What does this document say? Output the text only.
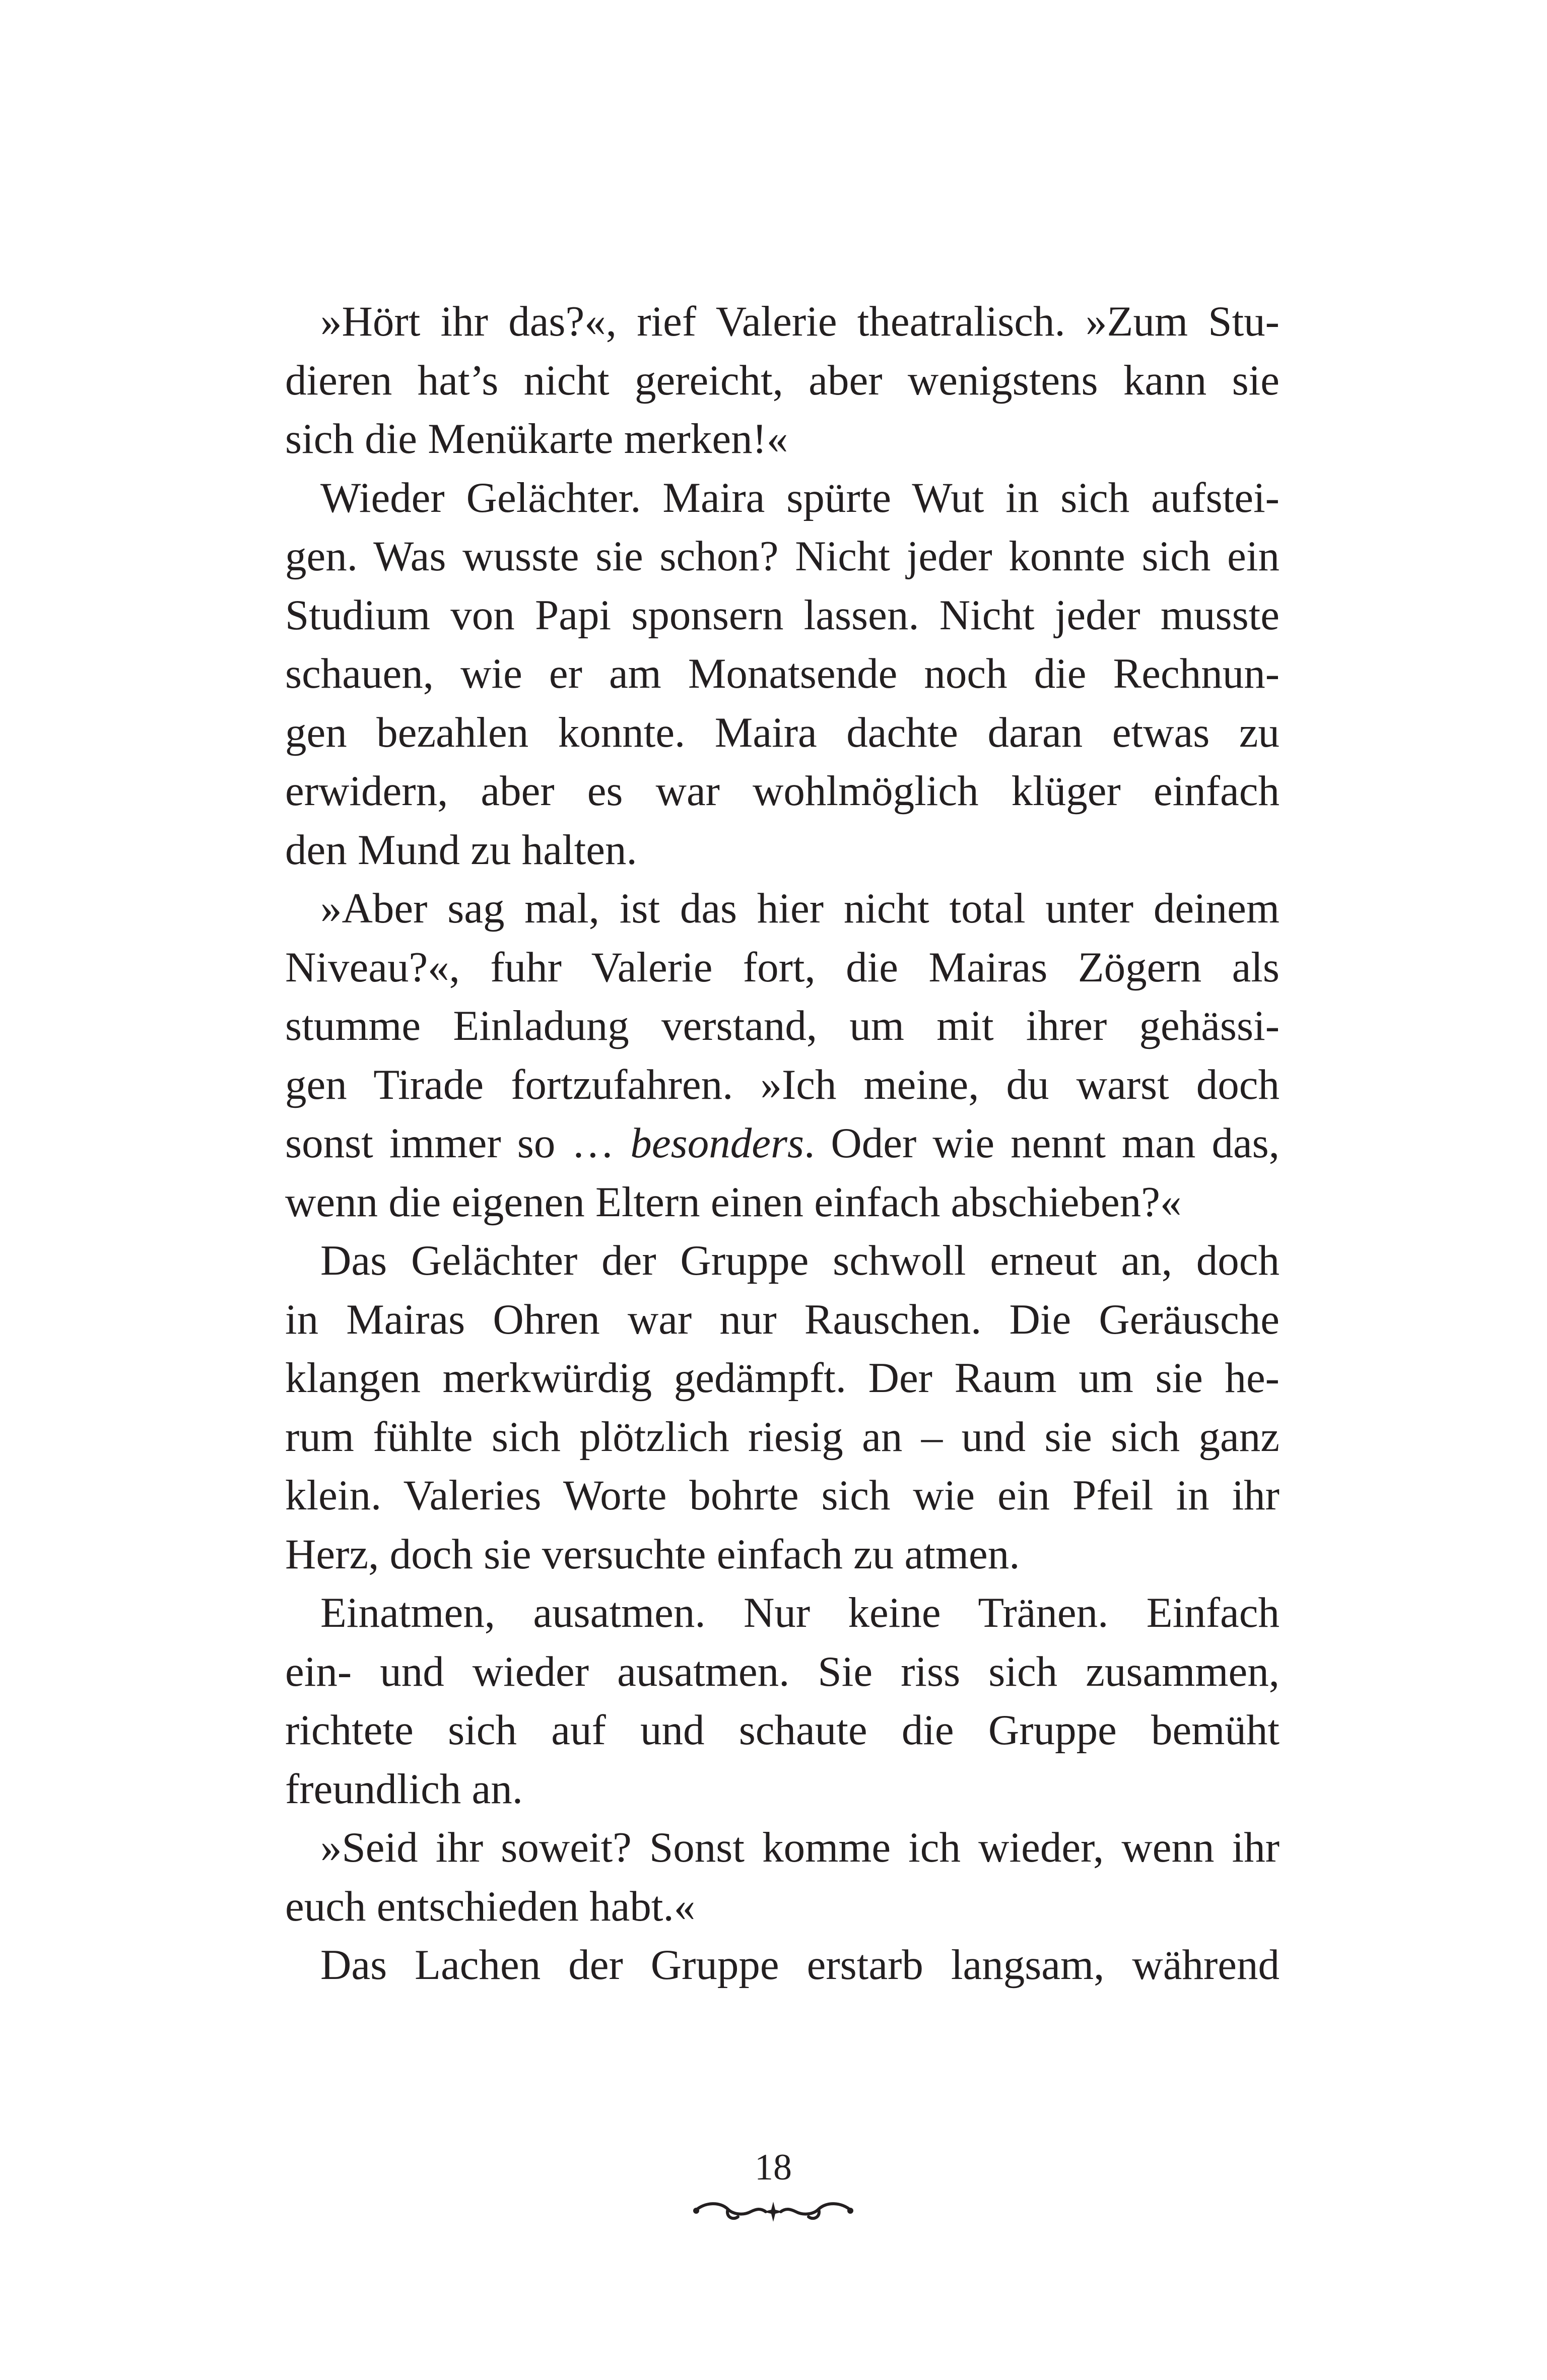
»Hört ihr das?«, rief Valerie theatralisch. »Zum Stu-
dieren hat’s nicht gereicht, aber wenigstens kann sie
sich die Menükarte merken!«
Wieder Gelächter. Maira spürte Wut in sich aufstei-
gen. Was wusste sie schon? Nicht jeder konnte sich ein
Studium von Papi sponsern lassen. Nicht jeder musste
schauen, wie er am Monatsende noch die Rechnun-
gen bezahlen konnte. Maira dachte daran etwas zu
erwidern, aber es war wohlmöglich klüger einfach
den Mund zu halten.
»Aber sag mal, ist das hier nicht total unter deinem
Niveau?«, fuhr Valerie fort, die Mairas Zögern als
stumme Einladung verstand, um mit ihrer gehässi-
gen Tirade fortzufahren. »Ich meine, du warst doch
sonst immer so … besonders. Oder wie nennt man das,
wenn die eigenen Eltern einen einfach abschieben?«
Das Gelächter der Gruppe schwoll erneut an, doch
in Mairas Ohren war nur Rauschen. Die Geräusche
klangen merkwürdig gedämpft. Der Raum um sie he-
rum fühlte sich plötzlich riesig an – und sie sich ganz
klein. Valeries Worte bohrte sich wie ein Pfeil in ihr
Herz, doch sie versuchte einfach zu atmen.
Einatmen, ausatmen. Nur keine Tränen. Einfach
ein- und wieder ausatmen. Sie riss sich zusammen,
richtete sich auf und schaute die Gruppe bemüht
freundlich an.
»Seid ihr soweit? Sonst komme ich wieder, wenn ihr
euch entschieden habt.«
Das Lachen der Gruppe erstarb langsam, während
18
